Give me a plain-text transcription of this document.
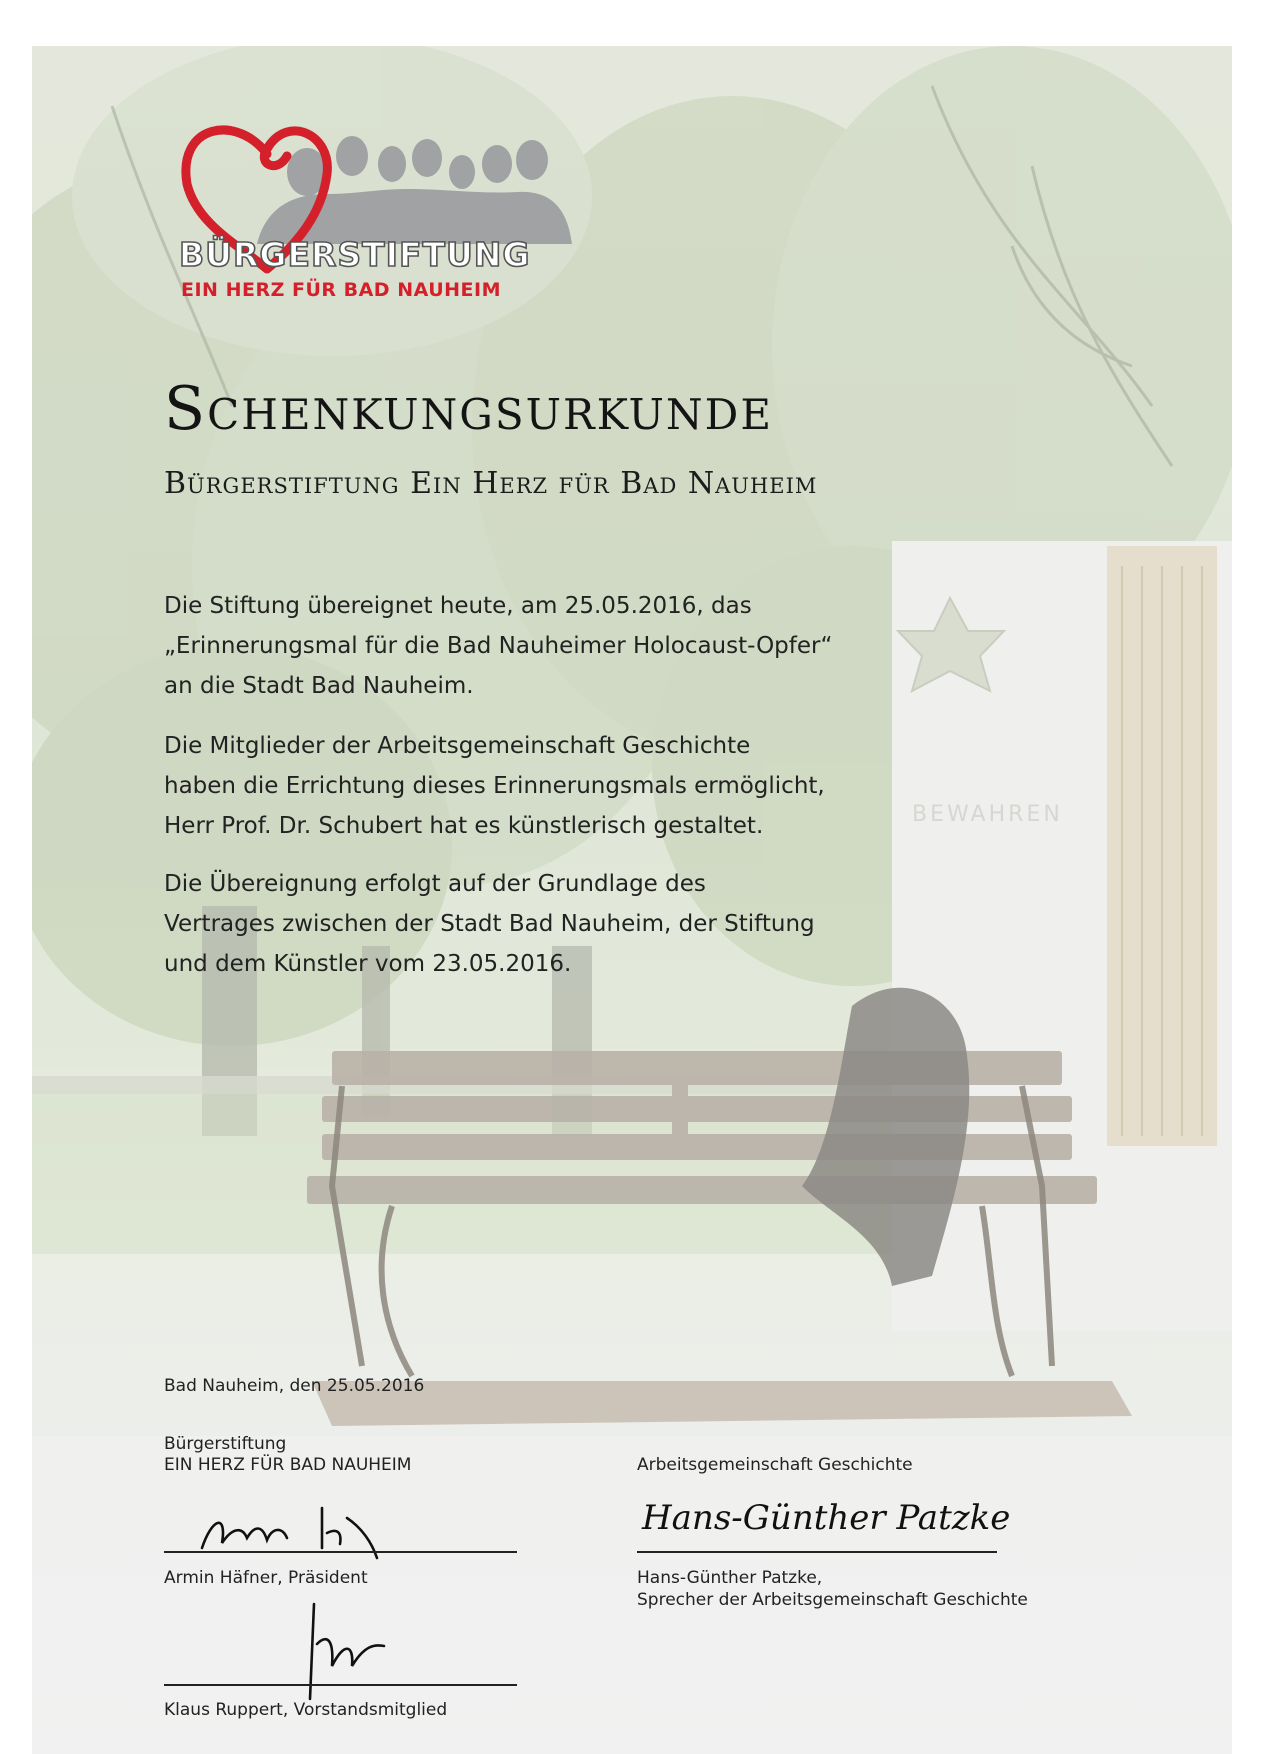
BEWAHREN
BÜRGERSTIFTUNG
EIN HERZ FÜR BAD NAUHEIM
Schenkungsurkunde
Bürgerstiftung Ein Herz für Bad Nauheim
Die Stiftung übereignet heute, am 25.05.2016, das
„Erinnerungsmal für die Bad Nauheimer Holocaust-Opfer“
an die Stadt Bad Nauheim.
Die Mitglieder der Arbeitsgemeinschaft Geschichte
haben die Errichtung dieses Erinnerungsmals ermöglicht,
Herr Prof. Dr. Schubert hat es künstlerisch gestaltet.
Die Übereignung erfolgt auf der Grundlage des
Vertrages zwischen der Stadt Bad Nauheim, der Stiftung
und dem Künstler vom 23.05.2016.
Bad Nauheim, den 25.05.2016
Bürgerstiftung
EIN HERZ FÜR BAD NAUHEIM	Arbeitsgemeinschaft Geschichte
Armin Häfner, Präsident
Klaus Ruppert, Vorstandsmitglied
Hans-Günther Patzke
Hans-Günther Patzke,
Sprecher der Arbeitsgemeinschaft Geschichte
